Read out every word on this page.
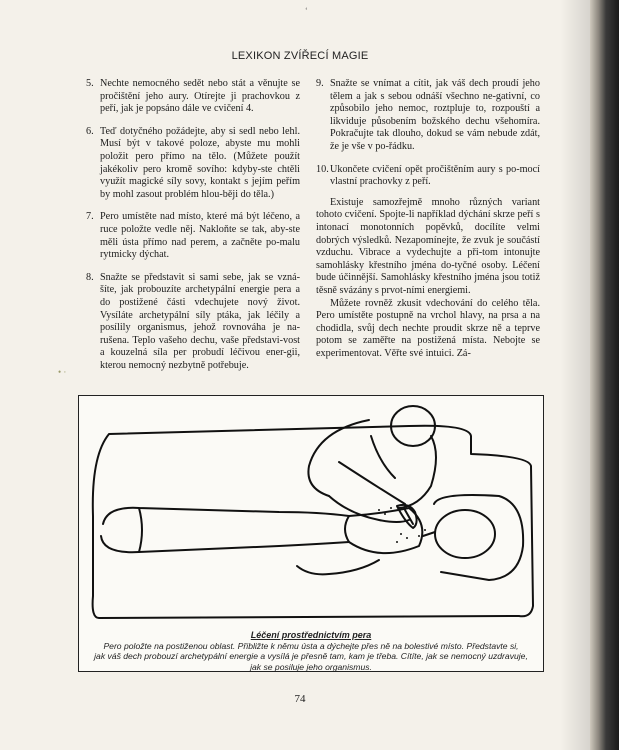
ʻ
LEXIKON ZVÍŘECÍ MAGIE
5. Nechte nemocného sedět nebo stát a věnujte se pročištění jeho aury. Otírejte ji prachovkou z peří, jak je popsáno dále ve cvičení 4.
6. Teď dotyčného požádejte, aby si sedl nebo lehl. Musí být v takové poloze, abyste mu mohli položit pero přímo na tělo. (Můžete použít jakékoliv pero kromě sovího: kdyby-ste chtěli využít magické síly sovy, kontakt s jejím peřím by mohl zasout problém hlou-běji do těla.)
7. Pero umístěte nad místo, které má být léčeno, a ruce položte vedle něj. Nakloňte se tak, aby-ste měli ústa přímo nad perem, a začněte po-malu rytmicky dýchat.
8. Snažte se představit si sami sebe, jak se vzná-šíte, jak probouzíte archetypální energie pera a do postižené části vdechujete nový život. Vysíláte archetypální síly ptáka, jak léčily a posílily organismus, jehož rovnováha je na-rušena. Teplo vašeho dechu, vaše představi-vost a kouzelná síla per probudí léčivou ener-gii, kterou nemocný nezbytně potřebuje.
9. Snažte se vnímat a cítit, jak váš dech proudí jeho tělem a jak s sebou odnáší všechno ne-gativní, co způsobilo jeho nemoc, roztpluje to, rozpouští a likviduje působením božského dechu všehomíra. Pokračujte tak dlouho, dokud se vám nebude zdát, že je vše v po-řádku.
10. Ukončete cvičení opět pročištěním aury s po-mocí vlastní prachovky z peří.

Existuje samozřejmě mnoho různých variant tohoto cvičení. Spojte-li například dýchání skrze peří s intonací monotonních popěvků, docílíte velmi dobrých výsledků. Nezapomínejte, že zvuk je součástí vzduchu. Vibrace a vydechujte a při-tom intonujte samohlásky křestního jména do-tyčné osoby. Léčení bude účinnější. Samohlásky křestního jména jsou totiž těsně svázány s prvot-ními energiemi.

Můžete rovněž zkusit vdechování do celého těla. Pero umístěte postupně na vrchol hlavy, na prsa a na chodidla, svůj dech nechte proudit skrze ně a teprve potom se zaměřte na postižená místa. Nebojte se experimentovat. Věřte své intuici. Zá-

• ·
Léčení prostřednictvím pera
Pero položte na postiženou oblast. Přibližte k němu ústa a dýchejte přes ně na bolestivé místo. Představte si,
jak váš dech probouzí archetypální energie a vysílá je přesně tam, kam je třeba. Cítíte, jak se nemocný uzdravuje,
jak se posiluje jeho organismus.
74
